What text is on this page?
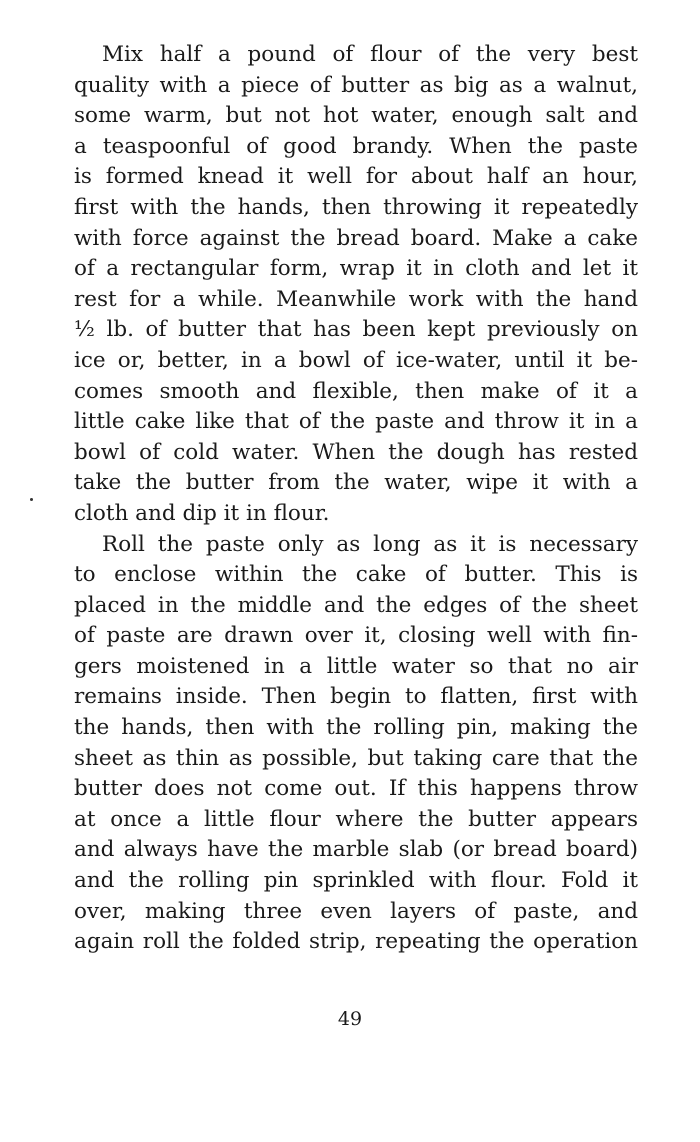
Mix half a pound of flour of the very best
quality with a piece of butter as big as a walnut,
some warm, but not hot water, enough salt and
a teaspoonful of good brandy. When the paste
is formed knead it well for about half an hour,
first with the hands, then throwing it repeatedly
with force against the bread board. Make a cake
of a rectangular form, wrap it in cloth and let it
rest for a while. Meanwhile work with the hand
½ lb. of butter that has been kept previously on
ice or, better, in a bowl of ice-water, until it be-
comes smooth and flexible, then make of it a
little cake like that of the paste and throw it in a
bowl of cold water. When the dough has rested
take the butter from the water, wipe it with a
cloth and dip it in flour.
Roll the paste only as long as it is necessary
to enclose within the cake of butter. This is
placed in the middle and the edges of the sheet
of paste are drawn over it, closing well with fin-
gers moistened in a little water so that no air
remains inside. Then begin to flatten, first with
the hands, then with the rolling pin, making the
sheet as thin as possible, but taking care that the
butter does not come out. If this happens throw
at once a little flour where the butter appears
and always have the marble slab (or bread board)
and the rolling pin sprinkled with flour. Fold it
over, making three even layers of paste, and
again roll the folded strip, repeating the operation
49
